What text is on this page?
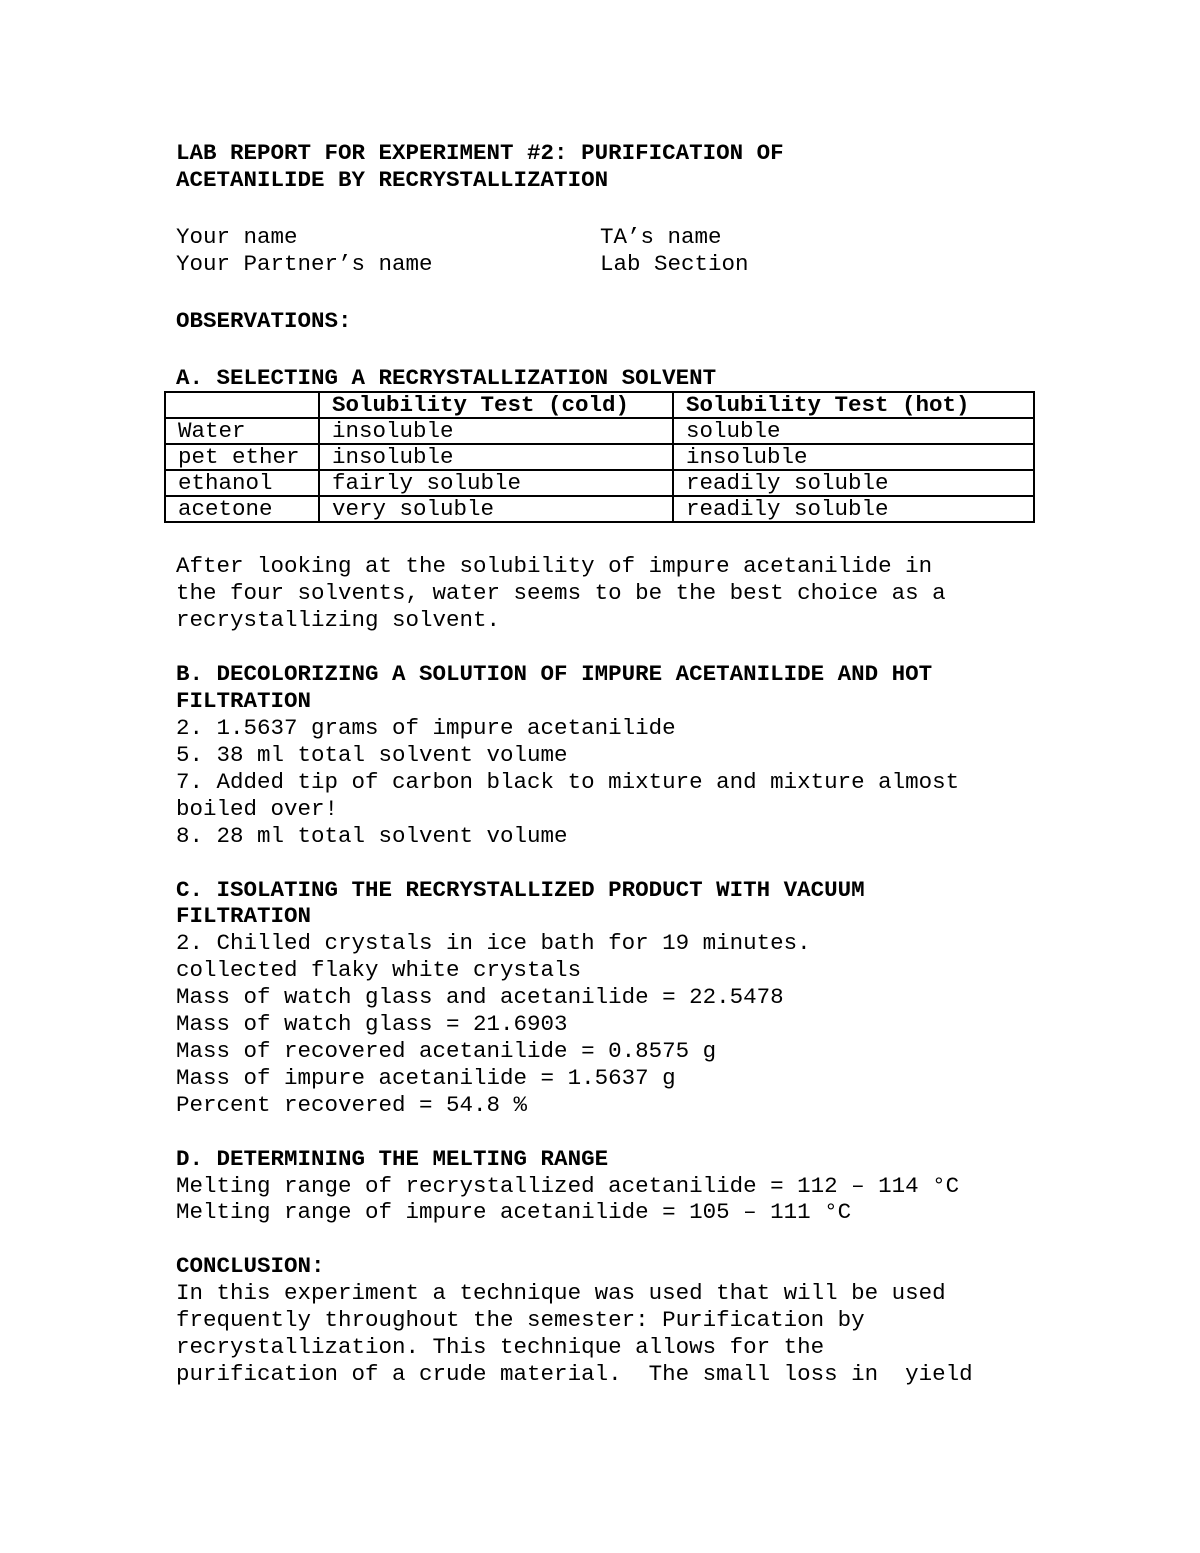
LAB REPORT FOR EXPERIMENT #2: PURIFICATION OF
ACETANILIDE BY RECRYSTALLIZATION
Your name	TA’s name
Your Partner’s name	Lab Section
OBSERVATIONS:
A. SELECTING A RECRYSTALLIZATION SOLVENT
	Solubility Test (cold)	Solubility Test (hot)
Water	insoluble	soluble
pet ether	insoluble	insoluble
ethanol	fairly soluble	readily soluble
acetone	very soluble	readily soluble
After looking at the solubility of impure acetanilide in
the four solvents, water seems to be the best choice as a
recrystallizing solvent.
B. DECOLORIZING A SOLUTION OF IMPURE ACETANILIDE AND HOT
FILTRATION
2. 1.5637 grams of impure acetanilide
5. 38 ml total solvent volume
7. Added tip of carbon black to mixture and mixture almost
boiled over!
8. 28 ml total solvent volume
C. ISOLATING THE RECRYSTALLIZED PRODUCT WITH VACUUM
FILTRATION
2. Chilled crystals in ice bath for 19 minutes.
collected flaky white crystals
Mass of watch glass and acetanilide = 22.5478
Mass of watch glass = 21.6903
Mass of recovered acetanilide = 0.8575 g
Mass of impure acetanilide = 1.5637 g
Percent recovered = 54.8 %
D. DETERMINING THE MELTING RANGE
Melting range of recrystallized acetanilide = 112 – 114 °C
Melting range of impure acetanilide = 105 – 111 °C
CONCLUSION:
In this experiment a technique was used that will be used
frequently throughout the semester: Purification by
recrystallization. This technique allows for the
purification of a crude material.  The small loss in  yield
